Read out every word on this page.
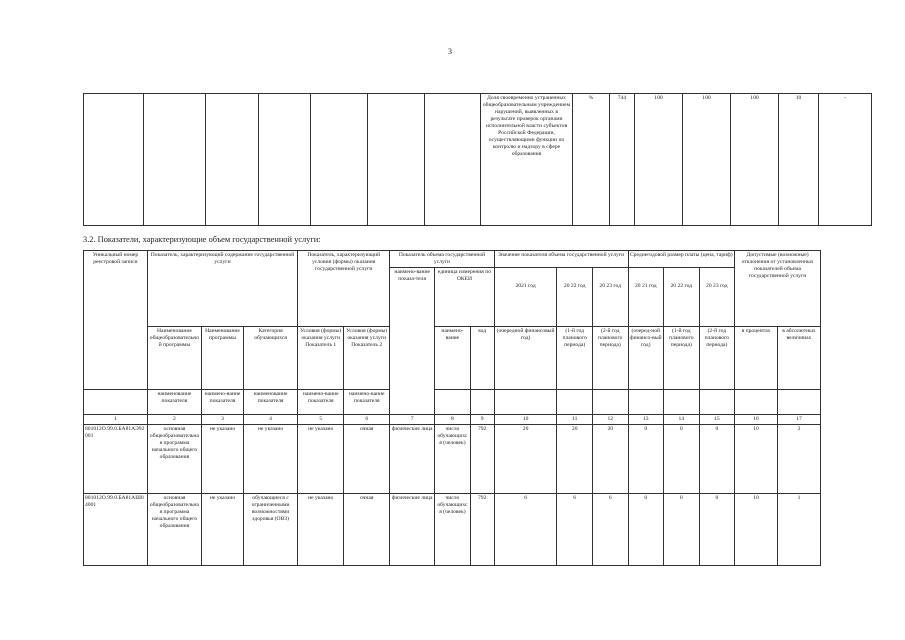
3
							Доля своевременно устраненных общеобразовательным учреждением нарушений, выявленных в результате проверок органами исполнительной власти субъектов Российской Федерации, осуществляющими функции по контролю и надзору в сфере образования	%	744	100	100	100	10	-
3.2. Показатели, характеризующие объем государственной услуги:
Уникальный номер реестровой записи	Показатель, характеризующий содержание государственной услуги			Показатель, характеризующий условия (формы) оказания государственной услуги		Показатель объема государственной услуги			Значение показателя объема государственной услуги			Среднегодовой размер платы (цена, тариф)			Допустимые (возможные) отклонения от установленных показателей объема государственной услуги	
						наимено-вание показа-теля	единица измерения по ОКЕИ		2021 год	20 22 год	20 23 год	20 21 год	20 22 год	20 23 год		
	Наименование общеобразовательной программы	Наименование программы	Категория обучающихся	Условия (формы) оказания услуги Показатель 1	Условия (формы) оказания услуги Показатель 2		наимено-вание	код	(очередной финансовый год)	(1-й год планового периода)	(2-й год планового периода)	(очеред-ной финансо-вый год)	(1-й год планового периода)	(2-й год планового периода)	в процентах	в абсолютных величинах
	наименование показателя	наимено-вание показателя	наименование показателя	наимено-вание показателя	наимено-вание показателя											
1	2	3	4	5	6	7	8	9	10	11	12	13	14	15	16	17
801012О.99.0.БА81АЭ92001	основная общеобразовательная программа начального общего образования	не указано	не указано	не указано	очная	физические лица	число обучающихся (человек)	792	20	20	20	0	0	0	10	2
801012О.99.0.БА81АШ04001	основная общеобразовательная программа начального общего образования	не указано	обучающиеся с ограниченными возможностями здоровья (ОВЗ)	не указано	очная	физические лица	число обучающихся (человек)	792	6	6	6	0	0	0	10	1
